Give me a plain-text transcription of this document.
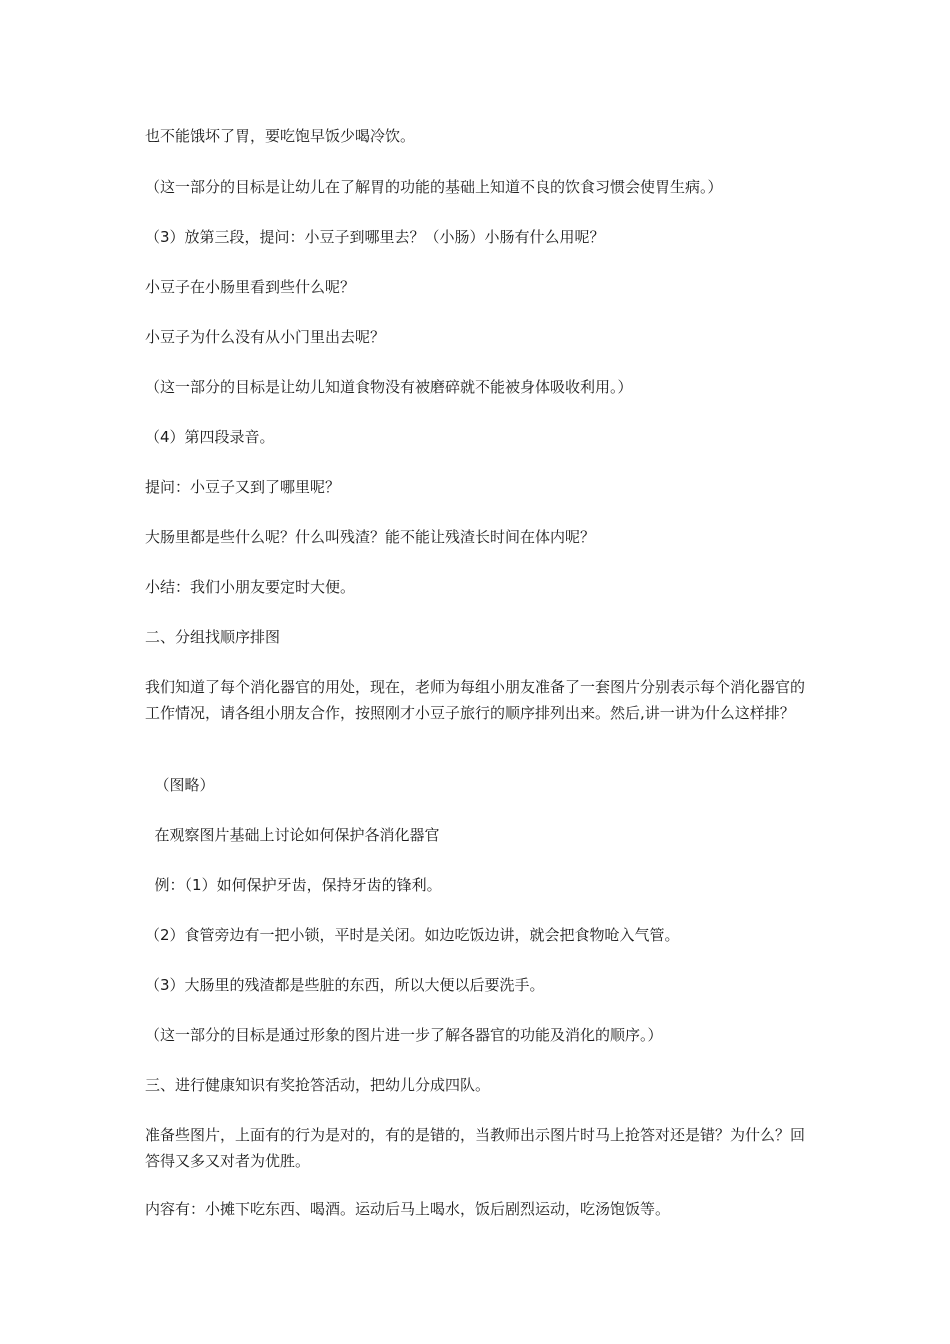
也不能饿坏了胃，要吃饱早饭少喝冷饮。

（这一部分的目标是让幼儿在了解胃的功能的基础上知道不良的饮食习惯会使胃生病。）

（3）放第三段，提问：小豆子到哪里去？（小肠）小肠有什么用呢？

小豆子在小肠里看到些什么呢？

小豆子为什么没有从小门里出去呢？

（这一部分的目标是让幼儿知道食物没有被磨碎就不能被身体吸收利用。）

（4）第四段录音。

提问：小豆子又到了哪里呢？

大肠里都是些什么呢？什么叫残渣？能不能让残渣长时间在体内呢？

小结：我们小朋友要定时大便。

二、分组找顺序排图

我们知道了每个消化器官的用处，现在，老师为每组小朋友准备了一套图片分别表示每个消化器官的工作情况，请各组小朋友合作，按照刚才小豆子旅行的顺序排列出来。然后,讲一讲为什么这样排？

（图略）

在观察图片基础上讨论如何保护各消化器官

例：（1）如何保护牙齿，保持牙齿的锋利。

（2）食管旁边有一把小锁，平时是关闭。如边吃饭边讲，就会把食物呛入气管。

（3）大肠里的残渣都是些脏的东西，所以大便以后要洗手。

（这一部分的目标是通过形象的图片进一步了解各器官的功能及消化的顺序。）

三、进行健康知识有奖抢答活动，把幼儿分成四队。

准备些图片，上面有的行为是对的，有的是错的，当教师出示图片时马上抢答对还是错？为什么？回答得又多又对者为优胜。

内容有：小摊下吃东西、喝酒。运动后马上喝水，饭后剧烈运动，吃汤饱饭等。
